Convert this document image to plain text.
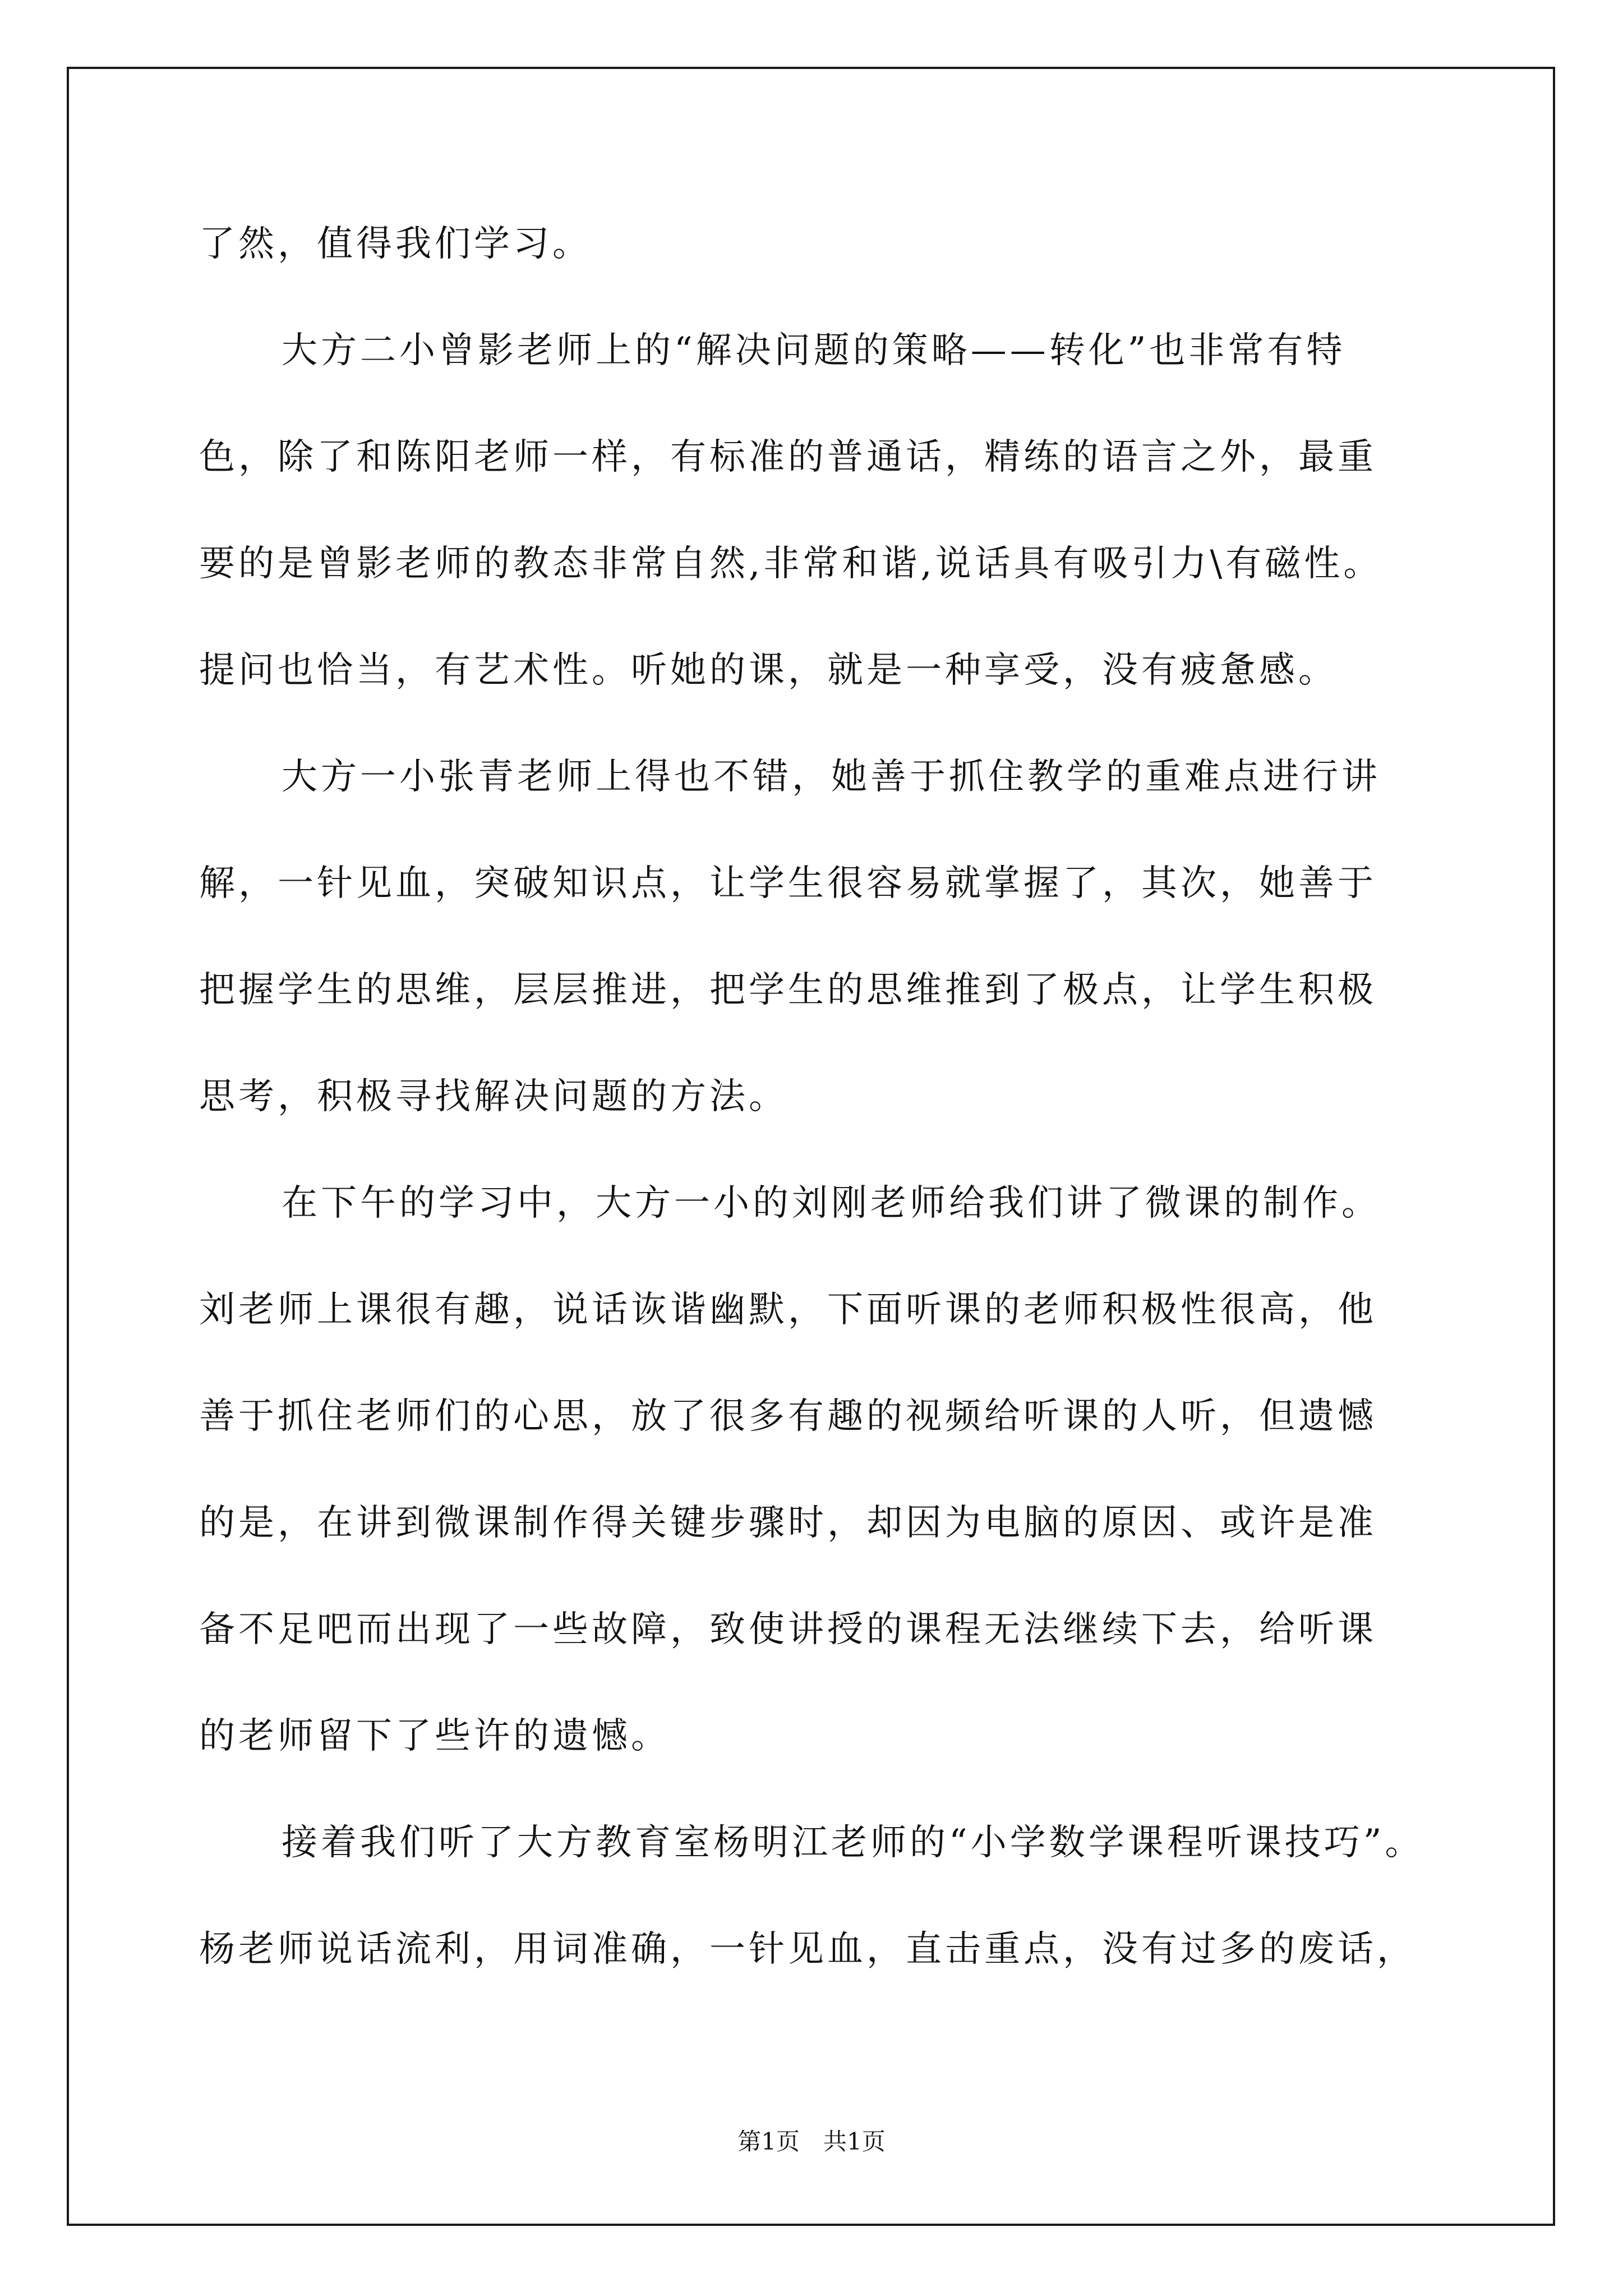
了然，值得我们学习。

大方二小曾影老师上的“解决问题的策略——转化”也非常有特

色，除了和陈阳老师一样，有标准的普通话，精练的语言之外，最重

要的是曾影老师的教态非常自然,非常和谐,说话具有吸引力\有磁性。

提问也恰当，有艺术性。听她的课，就是一种享受，没有疲惫感。

大方一小张青老师上得也不错，她善于抓住教学的重难点进行讲

解，一针见血，突破知识点，让学生很容易就掌握了，其次，她善于

把握学生的思维，层层推进，把学生的思维推到了极点，让学生积极

思考，积极寻找解决问题的方法。

在下午的学习中，大方一小的刘刚老师给我们讲了微课的制作。

刘老师上课很有趣，说话诙谐幽默，下面听课的老师积极性很高，他

善于抓住老师们的心思，放了很多有趣的视频给听课的人听，但遗憾

的是，在讲到微课制作得关键步骤时，却因为电脑的原因、或许是准

备不足吧而出现了一些故障，致使讲授的课程无法继续下去，给听课

的老师留下了些许的遗憾。

接着我们听了大方教育室杨明江老师的“小学数学课程听课技巧”。

杨老师说话流利，用词准确，一针见血，直击重点，没有过多的废话，

第1页　共1页
